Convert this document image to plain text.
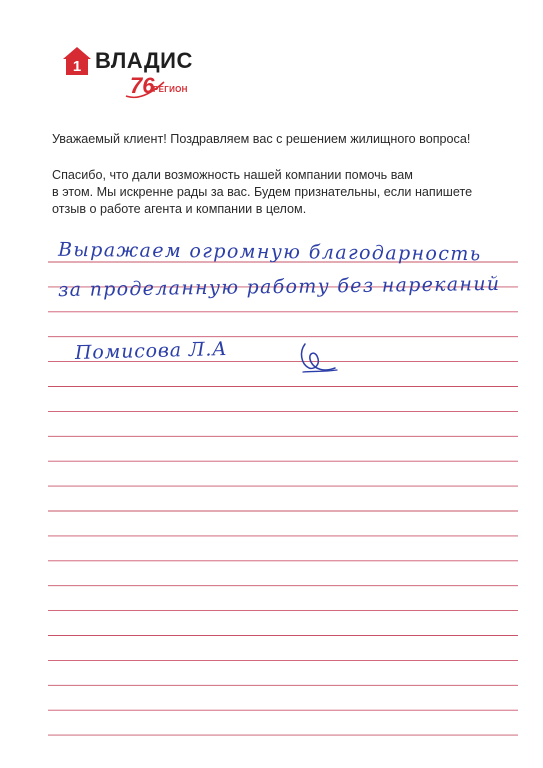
1 ВЛАДИС
76
РЕГИОН
Уважаемый клиент! Поздравляем вас с решением жилищного вопроса!
Спасибо, что дали возможность нашей компании помочь вам
в этом. Мы искренне рады за вас. Будем признательны, если напишете
отзыв о работе агента и компании в целом.
Выражаем огромную благодарность
за проделанную работу без нареканий
Помисова Л.А
